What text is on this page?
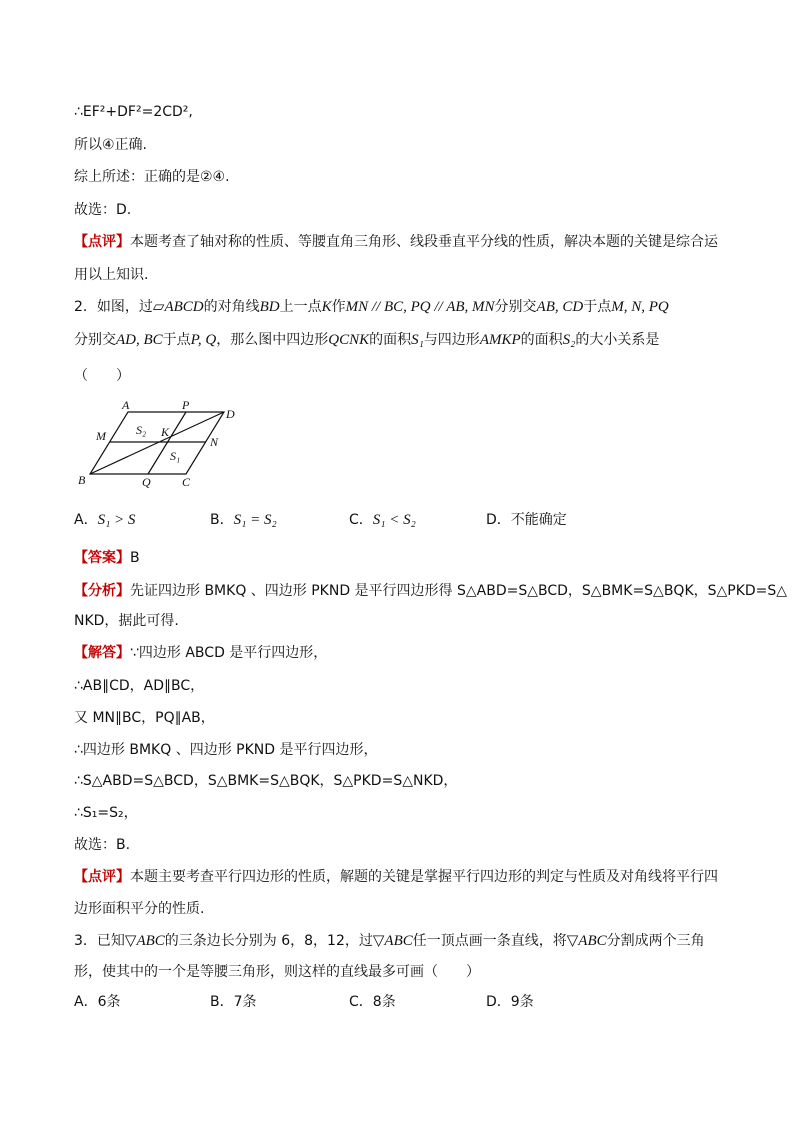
∴EF²+DF²=2CD²,
所以④正确.
综上所述：正确的是②④.
故选：D.
【点评】本题考查了轴对称的性质、等腰直角三角形、线段垂直平分线的性质，解决本题的关键是综合运
用以上知识.
2．如图，过▱ABCD的对角线BD上一点K作MN // BC, PQ // AB, MN分别交AB, CD于点M, N, PQ
分别交AD, BC于点P, Q，那么图中四边形QCNK的面积S₁与四边形AMKP的面积S₂的大小关系是
（　　）
A	P
D
M	K
N
B	Q	C
S₂
S₁
A．S₁ > S	B．S₁ = S₂	C．S₁ < S₂	D．不能确定
【答案】B
【分析】先证四边形 BMKQ 、四边形 PKND 是平行四边形得 S△ABD=S△BCD，S△BMK=S△BQK，S△PKD=S△
NKD，据此可得.
【解答】∵四边形 ABCD 是平行四边形，
∴AB∥CD，AD∥BC，
又 MN∥BC，PQ∥AB，
∴四边形 BMKQ 、四边形 PKND 是平行四边形，
∴S△ABD=S△BCD，S△BMK=S△BQK，S△PKD=S△NKD，
∴S₁=S₂，
故选：B.
【点评】本题主要考查平行四边形的性质，解题的关键是掌握平行四边形的判定与性质及对角线将平行四
边形面积平分的性质.
3．已知▽ABC的三条边长分别为 6，8，12，过▽ABC任一顶点画一条直线，将▽ABC分割成两个三角
形，使其中的一个是等腰三角形，则这样的直线最多可画（　　）
A．6条	B．7条	C．8条	D．9条
